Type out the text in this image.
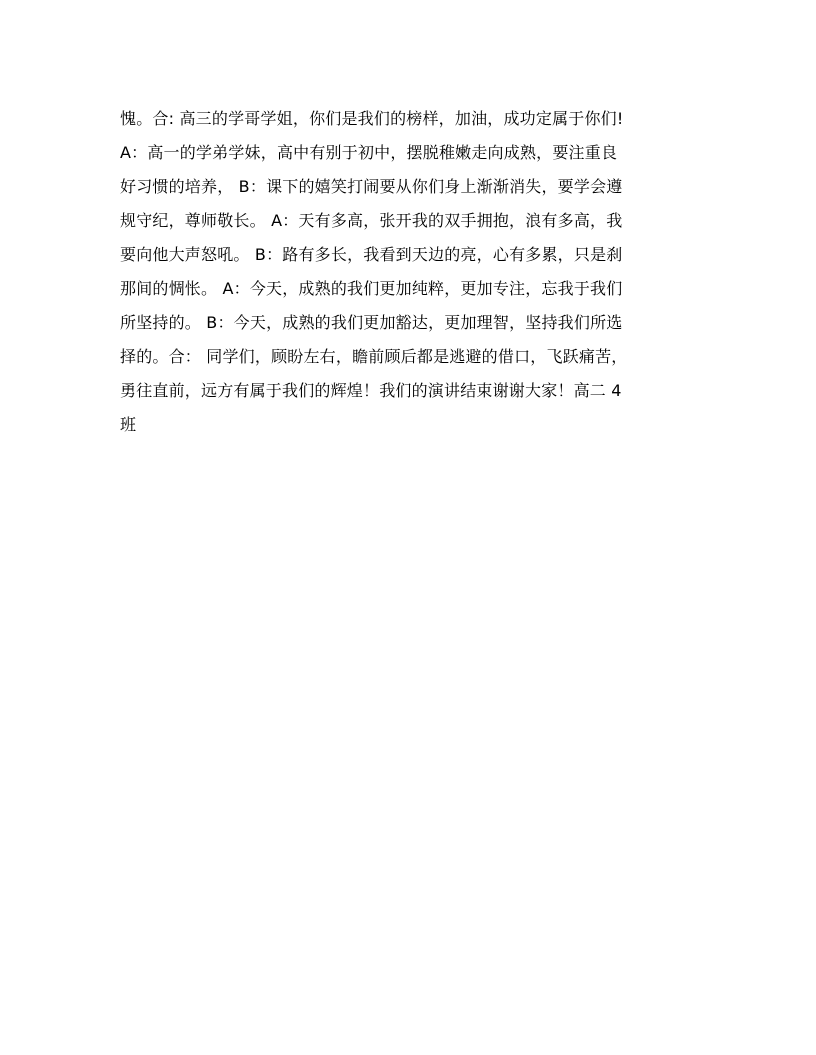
愧。合: 高三的学哥学姐，你们是我们的榜样，加油，成功定属于你们!
A：高一的学弟学妹，高中有别于初中，摆脱稚嫩走向成熟，要注重良
好习惯的培养， B：课下的嬉笑打闹要从你们身上渐渐消失，要学会遵
规守纪，尊师敬长。 A：天有多高，张开我的双手拥抱，浪有多高，我
要向他大声怒吼。 B：路有多长，我看到天边的亮，心有多累，只是刹
那间的惆怅。 A：今天，成熟的我们更加纯粹，更加专注，忘我于我们
所坚持的。 B：今天，成熟的我们更加豁达，更加理智，坚持我们所选
择的。合： 同学们，顾盼左右，瞻前顾后都是逃避的借口，飞跃痛苦，
勇往直前，远方有属于我们的辉煌！我们的演讲结束谢谢大家！高二 4
班
